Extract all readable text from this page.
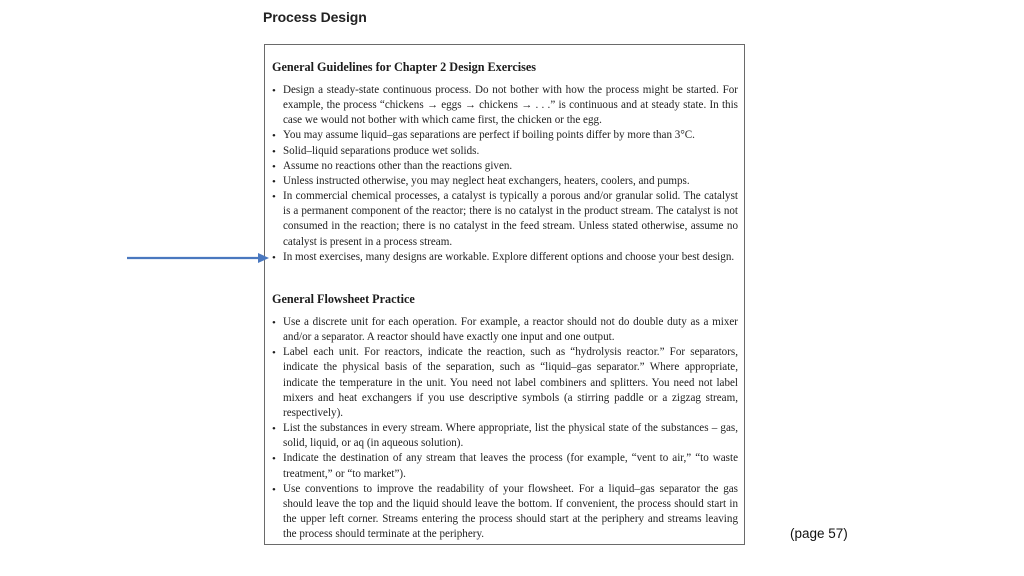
Process Design
General Guidelines for Chapter 2 Design Exercises
• Design a steady-state continuous process. Do not bother with how the process might be started. For example, the process “chickens → eggs → chickens → . . .” is continuous and at steady state. In this case we would not bother with which came first, the chicken or the egg.
• You may assume liquid–gas separations are perfect if boiling points differ by more than 3°C.
• Solid–liquid separations produce wet solids.
• Assume no reactions other than the reactions given.
• Unless instructed otherwise, you may neglect heat exchangers, heaters, coolers, and pumps.
• In commercial chemical processes, a catalyst is typically a porous and/or granular solid. The catalyst is a permanent component of the reactor; there is no catalyst in the product stream. The catalyst is not consumed in the reaction; there is no catalyst in the feed stream. Unless stated otherwise, assume no catalyst is present in a process stream.
• In most exercises, many designs are workable. Explore different options and choose your best design.
General Flowsheet Practice
• Use a discrete unit for each operation. For example, a reactor should not do double duty as a mixer and/or a separator. A reactor should have exactly one input and one output.
• Label each unit. For reactors, indicate the reaction, such as “hydrolysis reactor.” For separators, indicate the physical basis of the separation, such as “liquid–gas separator.” Where appropriate, indicate the temperature in the unit. You need not label combiners and splitters. You need not label mixers and heat exchangers if you use descriptive symbols (a stirring paddle or a zigzag stream, respectively).
• List the substances in every stream. Where appropriate, list the physical state of the substances – gas, solid, liquid, or aq (in aqueous solution).
• Indicate the destination of any stream that leaves the process (for example, “vent to air,” “to waste treatment,” or “to market”).
• Use conventions to improve the readability of your flowsheet. For a liquid–gas separator the gas should leave the top and the liquid should leave the bottom. If convenient, the process should start in the upper left corner. Streams entering the process should start at the periphery and streams leaving the process should terminate at the periphery.	(page 57)
